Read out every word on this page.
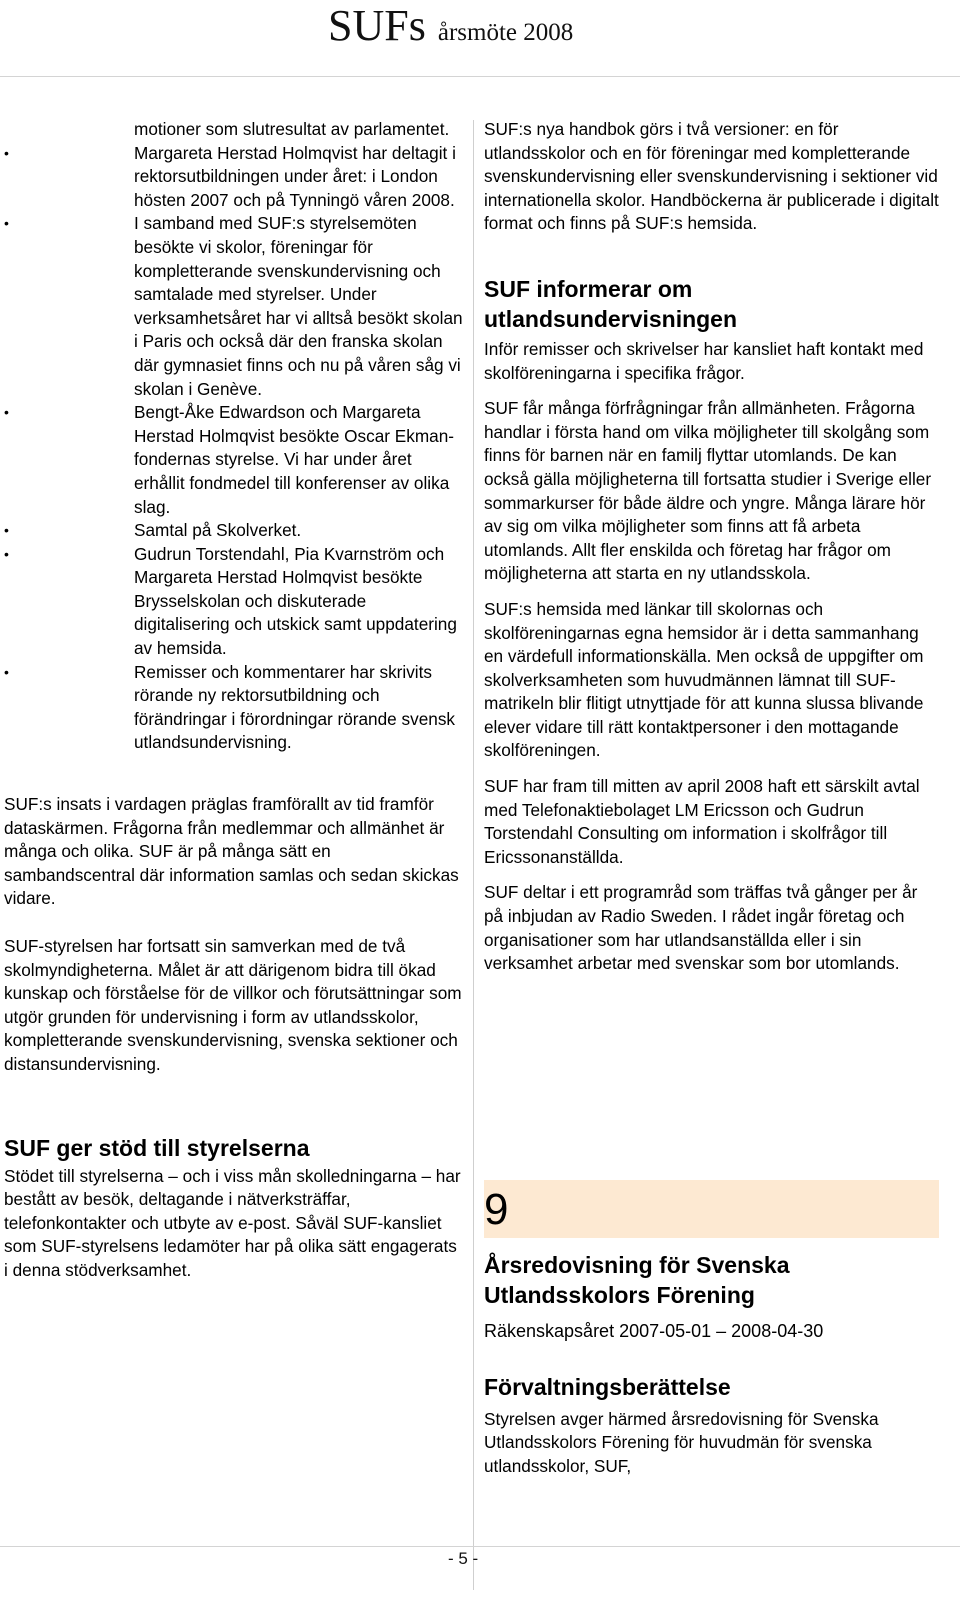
SUFs årsmöte 2008
motioner som slutresultat av parlamentet.
•	Margareta Herstad Holmqvist har deltagit i rektorsutbildningen under året: i London hösten 2007 och på Tynningö våren 2008.
•	I samband med SUF:s styrelsemöten besökte vi skolor, föreningar för kompletterande svenskundervisning och samtalade med styrelser. Under verksamhetsåret har vi alltså besökt skolan i Paris och också där den franska skolan där gymnasiet finns och nu på våren såg vi skolan i Genève.
•	Bengt-Åke Edwardson och Margareta Herstad Holmqvist besökte Oscar Ekman-fondernas styrelse. Vi har under året erhållit fondmedel till konferenser av olika slag.
•	Samtal på Skolverket.
•	Gudrun Torstendahl, Pia Kvarnström och Margareta Herstad Holmqvist besökte Brysselskolan och diskuterade digitalisering och utskick samt uppdatering av hemsida.
•	Remisser och kommentarer har skrivits rörande ny rektorsutbildning och förändringar i förordningar rörande svensk utlandsundervisning.

SUF:s insats i vardagen präglas framförallt av tid framför dataskärmen. Frågorna från medlemmar och allmänhet är många och olika. SUF är på många sätt en sambandscentral där information samlas och sedan skickas vidare.

SUF-styrelsen har fortsatt sin samverkan med de två skolmyndigheterna. Målet är att därigenom bidra till ökad kunskap och förståelse för de villkor och förutsättningar som utgör grunden för undervisning i form av utlandsskolor, kompletterande svenskundervisning, svenska sektioner och distansundervisning.

SUF ger stöd till styrelserna

Stödet till styrelserna – och i viss mån skolledningarna – har bestått av besök, deltagande i nätverksträffar, telefonkontakter och utbyte av e-post. Såväl SUF-kansliet som SUF-styrelsens ledamöter har på olika sätt engagerats i denna stödverksamhet.

SUF:s nya handbok görs i två versioner: en för utlandsskolor och en för föreningar med kompletterande svenskundervisning eller svenskundervisning i sektioner vid internationella skolor. Handböckerna är publicerade i digitalt format och finns på SUF:s hemsida.

SUF informerar om utlandsundervisningen

Inför remisser och skrivelser har kansliet haft kontakt med skolföreningarna i specifika frågor.

SUF får många förfrågningar från allmänheten. Frågorna handlar i första hand om vilka möjligheter till skolgång som finns för barnen när en familj flyttar utomlands. De kan också gälla möjligheterna till fortsatta studier i Sverige eller sommarkurser för både äldre och yngre. Många lärare hör av sig om vilka möjligheter som finns att få arbeta utomlands. Allt fler enskilda och företag har frågor om möjligheterna att starta en ny utlandsskola.

SUF:s hemsida med länkar till skolornas och skolföreningarnas egna hemsidor är i detta sammanhang en värdefull informationskälla. Men också de uppgifter om skolverksamheten som huvudmännen lämnat till SUF-matrikeln blir flitigt utnyttjade för att kunna slussa blivande elever vidare till rätt kontaktpersoner i den mottagande skolföreningen.

SUF har fram till mitten av april 2008 haft ett särskilt avtal med Telefonaktiebolaget LM Ericsson och Gudrun Torstendahl Consulting om information i skolfrågor till Ericssonanställda.

SUF deltar i ett programråd som träffas två gånger per år på inbjudan av Radio Sweden. I rådet ingår företag och organisationer som har utlandsanställda eller i sin verksamhet arbetar med svenskar som bor utomlands.

9
Årsredovisning för Svenska Utlandsskolors Förening

Räkenskapsåret 2007-05-01 – 2008-04-30

Förvaltningsberättelse

Styrelsen avger härmed årsredovisning för Svenska Utlandsskolors Förening för huvudmän för svenska utlandsskolor, SUF,

- 5 -
